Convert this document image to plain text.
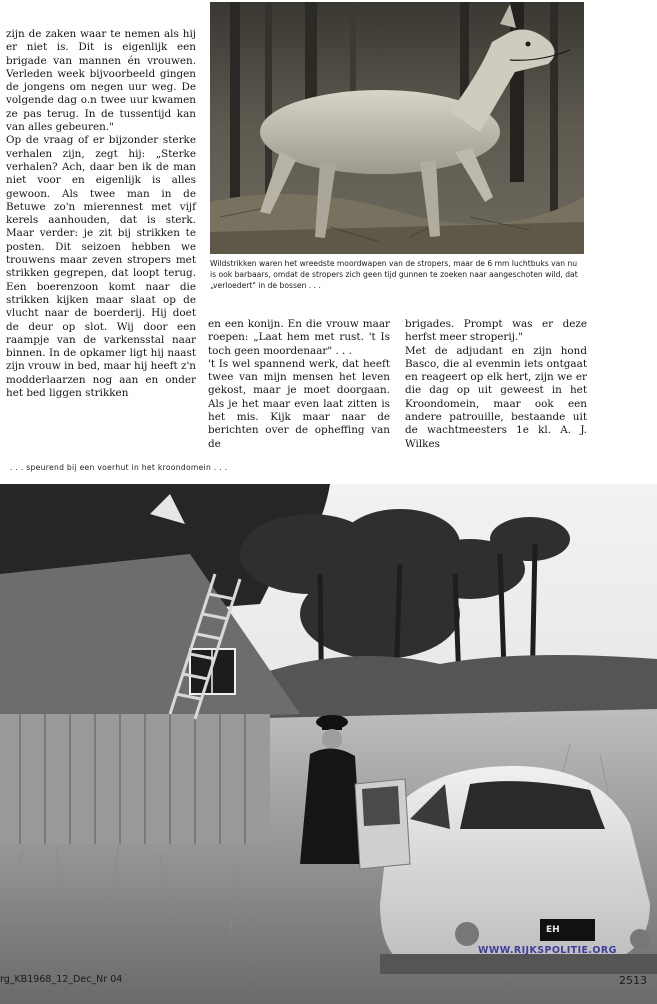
zijn de zaken waar te nemen als hij er niet is. Dit is eigenlijk een brigade van mannen én vrouwen. Verleden week bijvoorbeeld gingen de jongens om negen uur weg. De volgende dag o.n twee uur kwamen ze pas terug. In de tussentijd kan van alles gebeuren."

Op de vraag of er bijzonder sterke verhalen zijn, zegt hij: „Sterke verhalen? Ach, daar ben ik de man niet voor en eigenlijk is alles gewoon. Als twee man in de Betuwe zo'n mierennest met vijf kerels aanhouden, dat is sterk. Maar verder: je zit bij strikken te posten. Dit seizoen hebben we trouwens maar zeven stropers met strikken gegrepen, dat loopt terug. Een boerenzoon komt naar die strikken kijken maar slaat op de vlucht naar de boerderij. Hij doet de deur op slot. Wij door een raampje van de varkensstal naar binnen. In de opkamer ligt hij naast zijn vrouw in bed, maar hij heeft z'n modderlaarzen nog aan en onder het bed liggen strikken

Wildstrikken waren het wreedste moordwapen van de stropers, maar de 6 mm luchtbuks van nu is ook barbaars, omdat de stropers zich geen tijd gunnen te zoeken naar aangeschoten wild, dat „verloedert" in de bossen . . .

en een konijn. En die vrouw maar roepen: „Laat hem met rust. 't Is toch geen moordenaar" . . .

't Is wel spannend werk, dat heeft twee van mijn mensen het leven gekost, maar je moet doorgaan. Als je het maar even laat zitten is het mis. Kijk maar naar de berichten over de opheffing van de

brigades. Prompt was er deze herfst meer stroperij."

Met de adjudant en zijn hond Basco, die al evenmin iets ontgaat en reageert op elk hert, zijn we er die dag op uit geweest in het Kroondomein, maar ook een andere patrouille, bestaande uit de wachtmeesters 1e kl. A. J. Wilkes

. . . speurend bij een voerhut in het kroondomein . . .
EH
WWW.RIJKSPOLITIE.ORG
rg_KB1968_12_Dec_Nr 04	2513
